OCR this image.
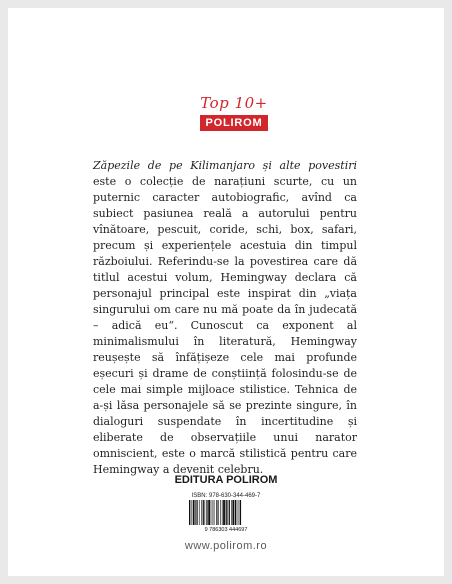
Top 10+
POLIROM

Zăpezile de pe Kilimanjaro și alte povestiri este o colecție de narațiuni scurte, cu un puternic caracter autobiografic, avînd ca subiect pasiunea reală a autorului pentru vînătoare, pescuit, coride, schi, box, safari, precum și experiențele acestuia din timpul războiului. Referindu-se la povestirea care dă titlul acestui volum, Hemingway declara că personajul principal este inspirat din „viața singurului om care nu mă poate da în judecată – adică eu“. Cunoscut ca exponent al minimalismului în literatură, Hemingway reușește să înfățișeze cele mai profunde eșecuri și drame de conștiință folosindu-se de cele mai simple mijloace stilistice. Tehnica de a-și lăsa personajele să se prezinte singure, în dialoguri suspendate în incertitudine și eliberate de observațiile unui narator omniscient, este o marcă stilistică pentru care Hemingway a devenit celebru.

EDITURA POLIROM
ISBN: 978-630-344-469-7
9 786303 444697
www.polirom.ro
